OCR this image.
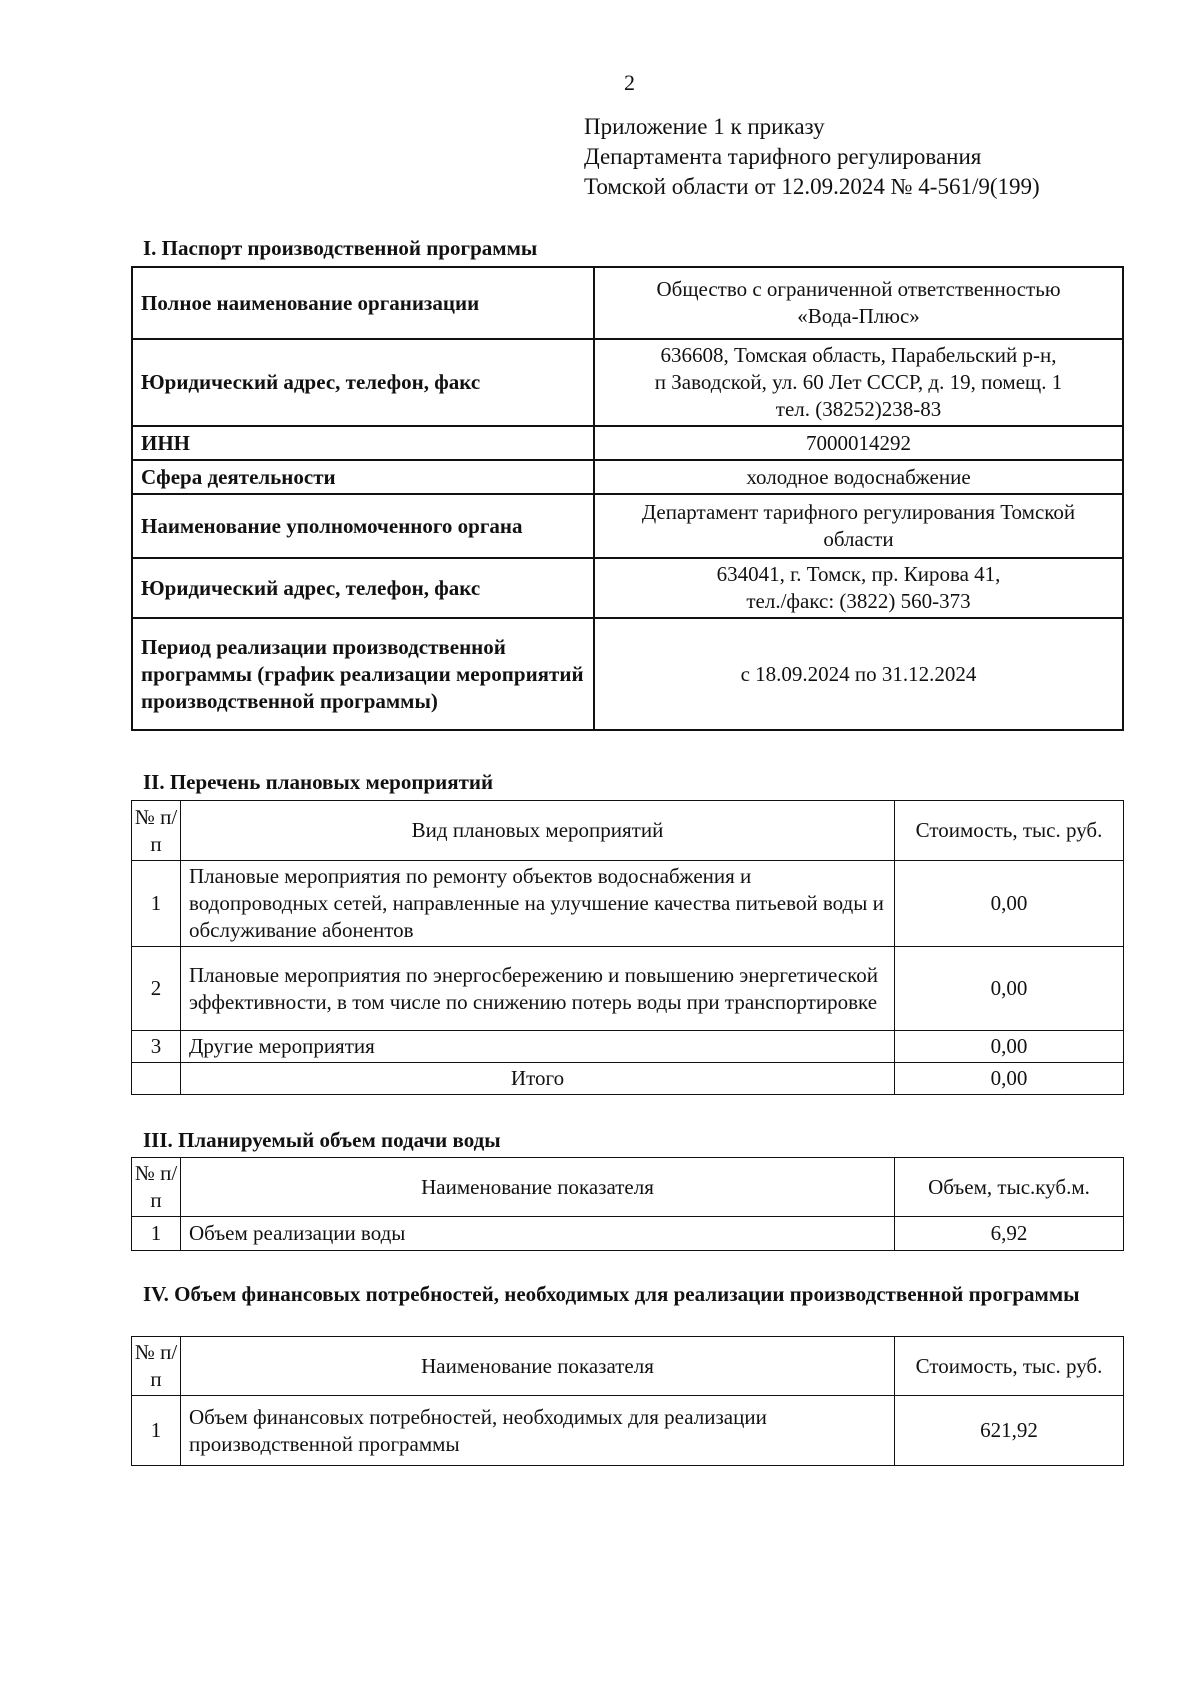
2
Приложение 1 к приказу
Департамента тарифного регулирования
Томской области от 12.09.2024 № 4-561/9(199)
I. Паспорт производственной программы
Полное наименование организации	Общество с ограниченной ответственностью
«Вода-Плюс»

Юридический адрес, телефон, факс	636608, Томская область, Парабельский р-н,
п Заводской, ул. 60 Лет СССР, д. 19, помещ. 1
тел. (38252)238-83

ИНН	7000014292
Сфера деятельности	холодное водоснабжение
Наименование уполномоченного органа	Департамент тарифного регулирования Томской
области

Юридический адрес, телефон, факс	634041, г. Томск, пр. Кирова 41,
тел./факс: (3822) 560-373

Период реализации производственной программы (график реализации мероприятий производственной программы)	с 18.09.2024 по 31.12.2024
II. Перечень плановых мероприятий
№ п/п	Вид плановых мероприятий	Стоимость, тыс. руб.
1	Плановые мероприятия по ремонту объектов водоснабжения и водопроводных сетей, направленные на улучшение качества питьевой воды и обслуживание абонентов	0,00
2	Плановые мероприятия по энергосбережению и повышению энергетической эффективности, в том числе по снижению потерь воды при транспортировке	0,00
3	Другие мероприятия	0,00
	Итого	0,00
III. Планируемый объем подачи воды
№ п/п	Наименование показателя	Объем, тыс.куб.м.
1	Объем реализации воды	6,92
IV. Объем финансовых потребностей, необходимых для реализации производственной программы
№ п/п	Наименование показателя	Стоимость, тыс. руб.
1	Объем финансовых потребностей, необходимых для реализации производственной программы	621,92
